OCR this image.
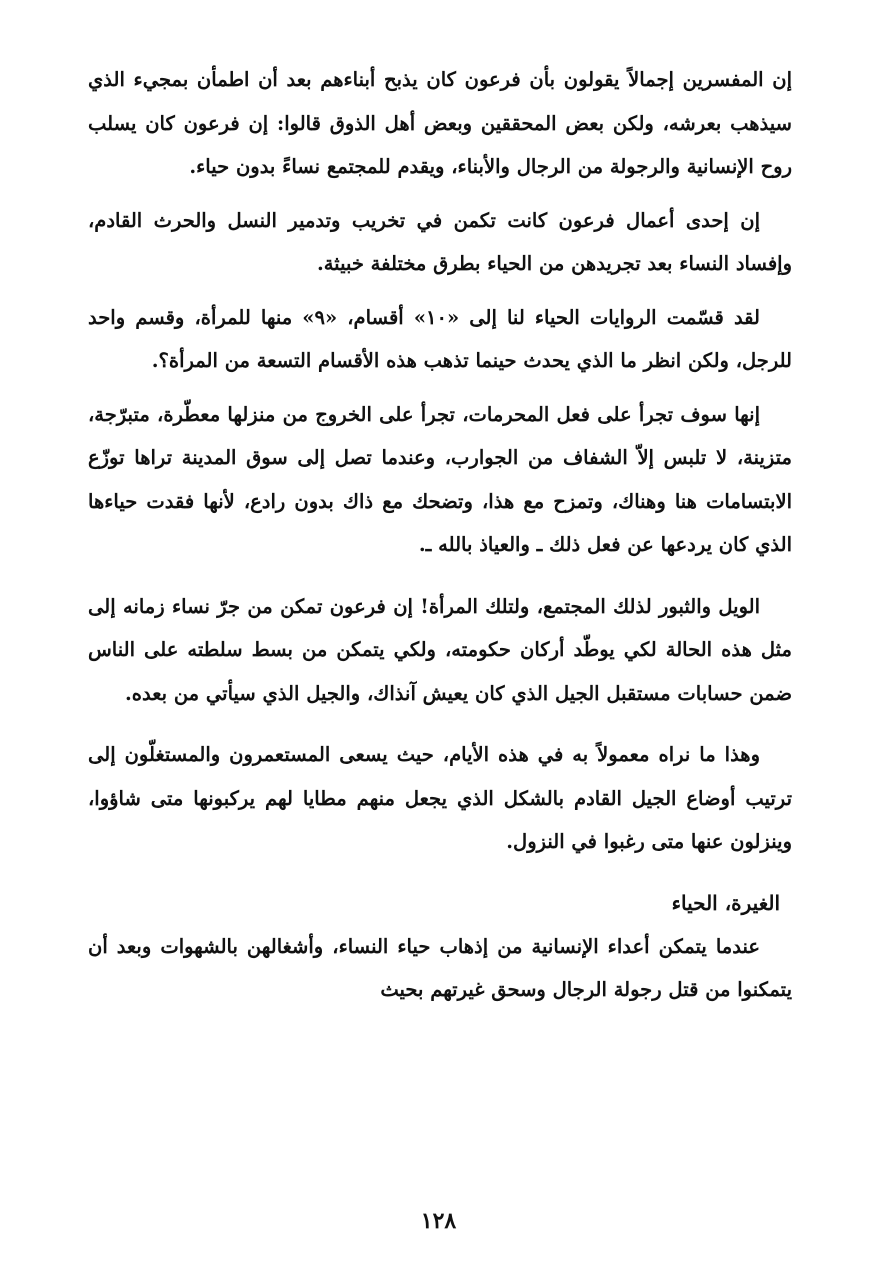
إن المفسرين إجمالاً يقولون بأن فرعون كان يذبح أبناءهم بعد أن اطمأن بمجيء الذي سيذهب بعرشه، ولكن بعض المحققين وبعض أهل الذوق قالوا: إن فرعون كان يسلب روح الإنسانية والرجولة من الرجال والأبناء، ويقدم للمجتمع نساءً بدون حياء.

إن إحدى أعمال فرعون كانت تكمن في تخريب وتدمير النسل والحرث القادم، وإفساد النساء بعد تجريدهن من الحياء بطرق مختلفة خبيثة.

لقد قسّمت الروايات الحياء لنا إلى «١٠» أقسام، «٩» منها للمرأة، وقسم واحد للرجل، ولكن انظر ما الذي يحدث حينما تذهب هذه الأقسام التسعة من المرأة؟.

إنها سوف تجرأ على فعل المحرمات، تجرأ على الخروج من منزلها معطّرة، متبرّجة، متزينة، لا تلبس إلاّ الشفاف من الجوارب، وعندما تصل إلى سوق المدينة تراها توزّع الابتسامات هنا وهناك، وتمزح مع هذا، وتضحك مع ذاك بدون رادع، لأنها فقدت حياءها الذي كان يردعها عن فعل ذلك ـ والعياذ بالله ـ.

الويل والثبور لذلك المجتمع، ولتلك المرأة! إن فرعون تمكن من جرّ نساء زمانه إلى مثل هذه الحالة لكي يوطّد أركان حكومته، ولكي يتمكن من بسط سلطته على الناس ضمن حسابات مستقبل الجيل الذي كان يعيش آنذاك، والجيل الذي سيأتي من بعده.

وهذا ما نراه معمولاً به في هذه الأيام، حيث يسعى المستعمرون والمستغلّون إلى ترتيب أوضاع الجيل القادم بالشكل الذي يجعل منهم مطايا لهم يركبونها متى شاؤوا، وينزلون عنها متى رغبوا في النزول.

الغيرة، الحياء

عندما يتمكن أعداء الإنسانية من إذهاب حياء النساء، وأشغالهن بالشهوات وبعد أن يتمكنوا من قتل رجولة الرجال وسحق غيرتهم بحيث

١٢٨
